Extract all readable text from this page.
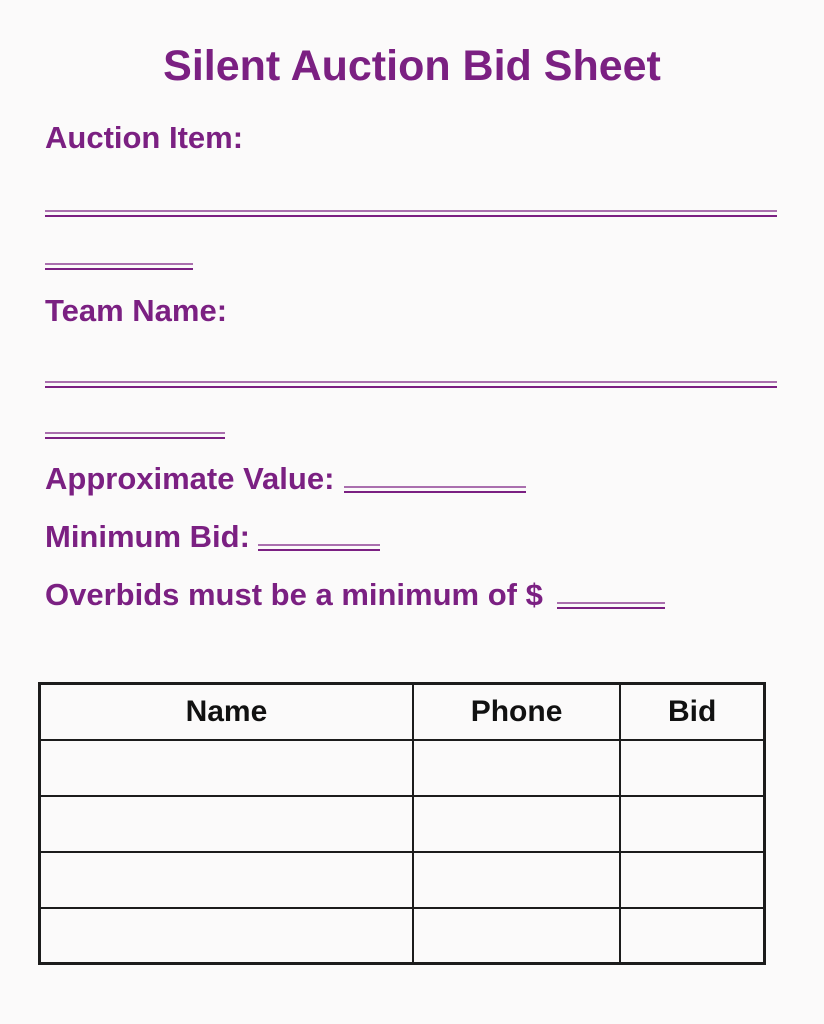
Silent Auction Bid Sheet
Auction Item:
Team Name:
Approximate Value:
Minimum Bid:
Overbids must be a minimum of $
Name	Phone	Bid
